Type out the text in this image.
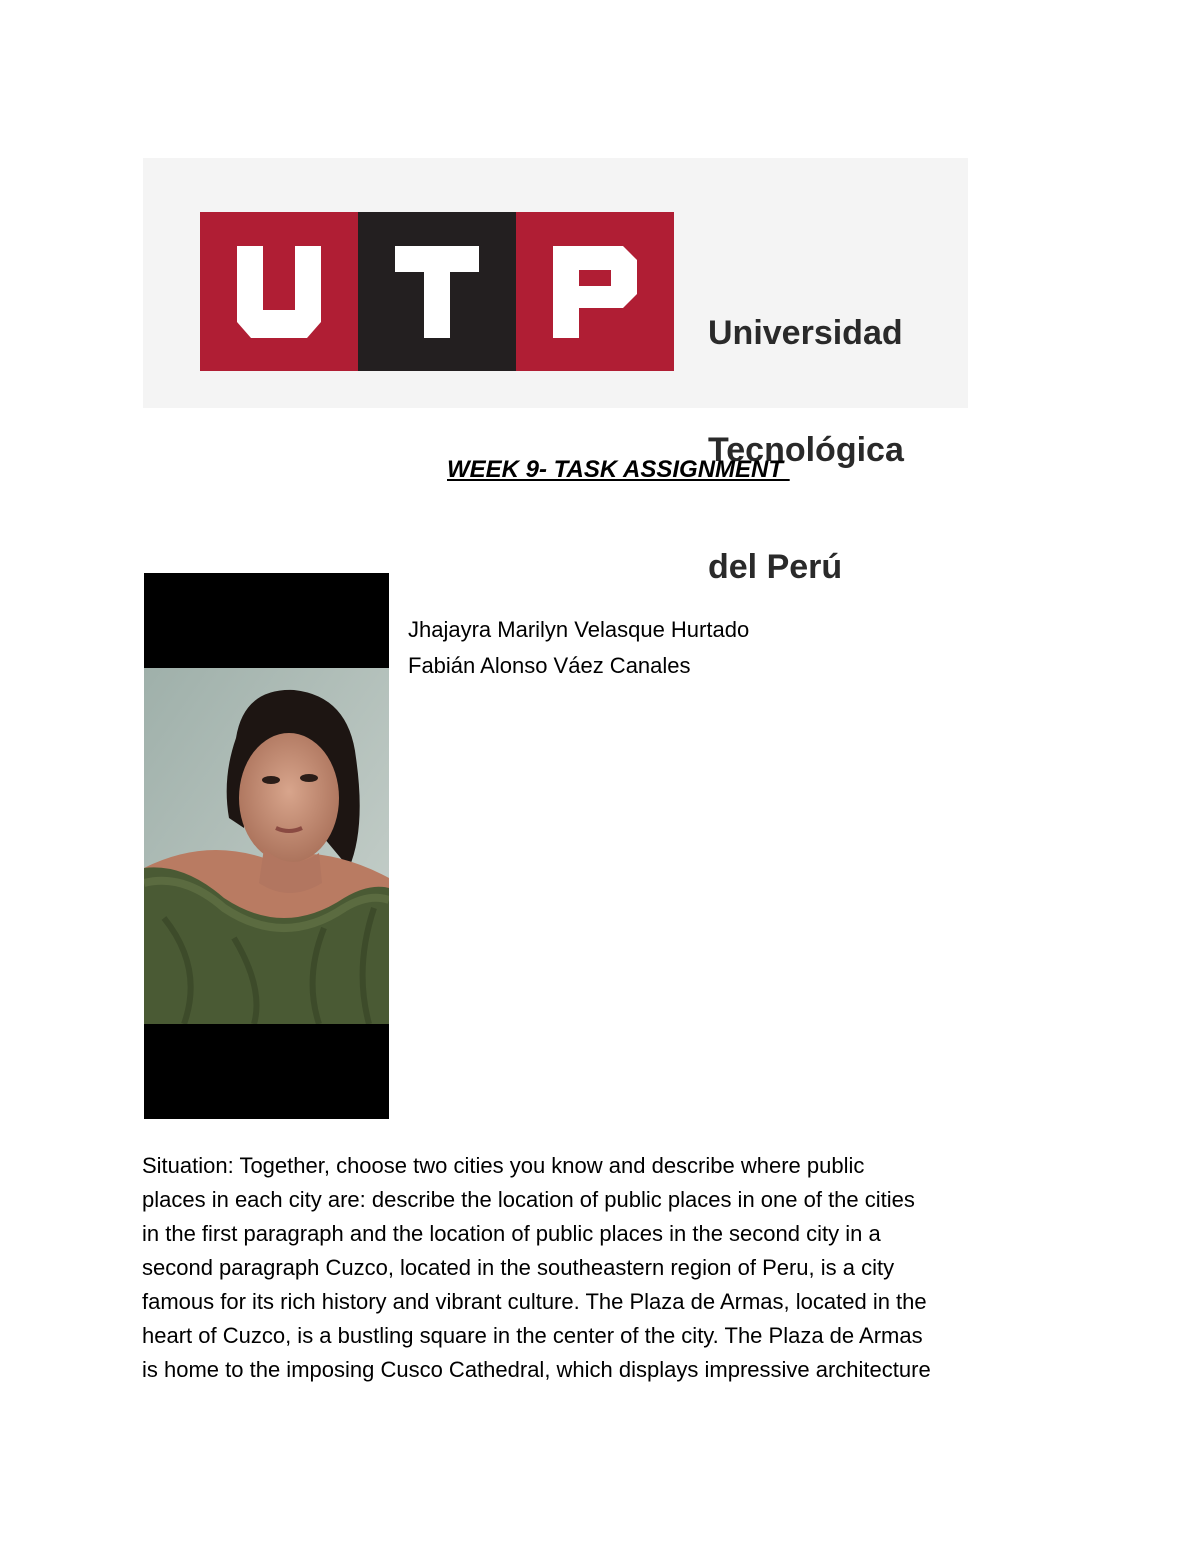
Universidad

Tecnológica

del Perú

WEEK 9- TASK ASSIGNMENT
Jhajayra Marilyn Velasque Hurtado
Fabián Alonso Váez Canales
Situation: Together, choose two cities you know and describe where public
places in each city are: describe the location of public places in one of the cities
in the first paragraph and the location of public places in the second city in a
second paragraph Cuzco, located in the southeastern region of Peru, is a city
famous for its rich history and vibrant culture. The Plaza de Armas, located in the
heart of Cuzco, is a bustling square in the center of the city. The Plaza de Armas
is home to the imposing Cusco Cathedral, which displays impressive architecture
